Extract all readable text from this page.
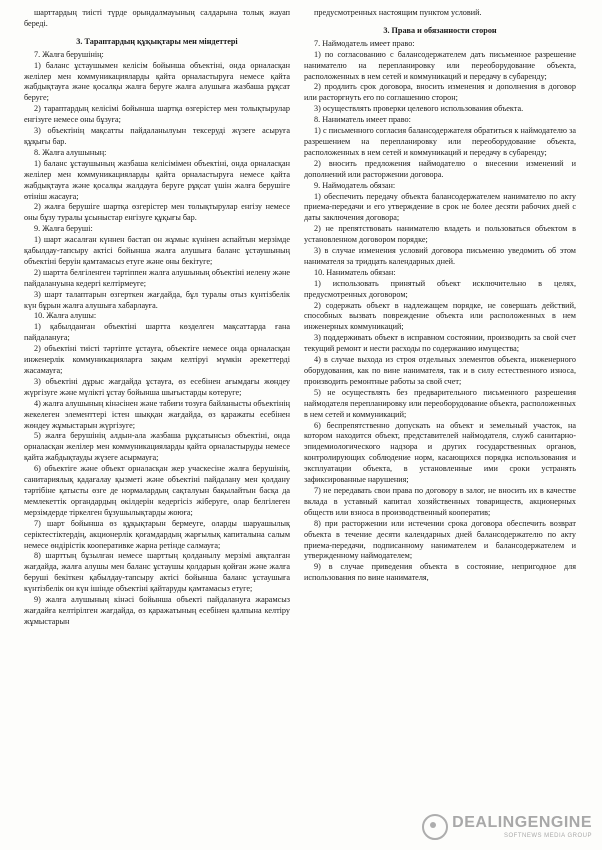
шарттардың тиісті түрде орындалмауының салдарына толық жауап береді.

3. Тараптардың құқықтары мен міндеттері

7. Жалға берушінің:

1) баланс ұстаушымен келісім бойынша объектіні, онда орналасқан желілер мен коммуникацияларды қайта орналастыруға немесе қайта жабдықтауға және қосалқы жалға беруге жалға алушыға жазбаша рұқсат беруге;

2) тараптардың келісімі бойынша шартқа өзгерістер мен толықтырулар енгізуге немесе оны бұзуға;

3) объектінің мақсатты пайдаланылуын тексеруді жүзеге асыруға құқығы бар.

8. Жалға алушының:

1) баланс ұстаушының жазбаша келісімімен объектіні, онда орналасқан желілер мен коммуникацияларды қайта орналастыруға немесе қайта жабдықтауға және қосалқы жалдауға беруге рұқсат үшін жалға берушіге өтініш жасауға;

2) жалға берушіге шартқа өзгерістер мен толықтырулар енгізу немесе оны бұзу туралы ұсыныстар енгізуге құқығы бар.

9. Жалға беруші:

1) шарт жасалған күннен бастап он жұмыс күнінен аспайтын мерзімде қабылдау-тапсыру актісі бойынша жалға алушыға баланс ұстаушының объектіні беруін қамтамасыз етуге және оны бекітуге;

2) шартта белгіленген тәртіппен жалға алушының объектіні иелену және пайдалануына кедергі келтірмеуге;

3) шарт талаптарын өзгерткен жағдайда, бұл туралы отыз күнтізбелік күн бұрын жалға алушыға хабарлауға.

10. Жалға алушы:

1) қабылданған объектіні шартта көзделген мақсаттарда ғана пайдалануға;

2) объектіні тиісті тәртіпте ұстауға, объектіге немесе онда орналасқан инженерлік коммуникацияларға зақым келтіруі мүмкін әрекеттерді жасамауға;

3) объектіні дұрыс жағдайда ұстауға, өз есебінен ағымдағы жөндеу жүргізуге және мүлікті ұстау бойынша шығыстарды көтеруге;

4) жалға алушының кінәсінен және табиғи тозуға байланысты объектінің жекелеген элементтері істен шыққан жағдайда, өз қаражаты есебінен жөндеу жұмыстарын жүргізуге;

5) жалға берушінің алдын-ала жазбаша рұқсатынсыз объектіні, онда орналасқан желілер мен коммуникацияларды қайта орналастыруды немесе қайта жабдықтауды жүзеге асырмауға;

6) объектіге және объект орналасқан жер учаскесіне жалға берушінің, санитариялық қадағалау қызметі және объектіні пайдалану мен қолдану тәртібіне қатысты өзге де нормалардың сақталуын бақылайтын басқа да мемлекеттік органдардың өкілдерін кедергісіз жіберуге, олар белгілеген мерзімдерде тіркелген бұзушылықтарды жоюға;

7) шарт бойынша өз құқықтарын бермеуге, оларды шаруашылық серіктестіктердің, акционерлік қоғамдардың жарғылық капиталына салым немесе өндірістік кооперативке жарна ретінде салмауға;

8) шарттың бұзылған немесе шарттың қолданылу мерзімі аяқталған жағдайда, жалға алушы мен баланс ұстаушы қолдарын қойған және жалға беруші бекіткен қабылдау-тапсыру актісі бойынша баланс ұстаушыға күнтізбелік он күн ішінде объектіні қайтаруды қамтамасыз етуге;

9) жалға алушының кінәсі бойынша объекті пайдалануға жарамсыз жағдайға келтірілген жағдайда, өз қаражатының есебінен қалпына келтіру жұмыстарын

предусмотренных настоящим пунктом условий.

3. Права и обязанности сторон

7. Наймодатель имеет право:

1) по согласованию с балансодержателем дать письменное разрешение нанимателю на перепланировку или переоборудование объекта, расположенных в нем сетей и коммуникаций и передачу в субаренду;

2) продлить срок договора, вносить изменения и дополнения в договор или расторгнуть его по соглашению сторон;

3) осуществлять проверки целевого использования объекта.

8. Наниматель имеет право:

1) с письменного согласия балансодержателя обратиться к наймодателю за разрешением на перепланировку или переоборудование объекта, расположенных в нем сетей и коммуникаций и передачу в субаренду;

2) вносить предложения наймодателю о внесении изменений и дополнений или расторжении договора.

9. Наймодатель обязан:

1) обеспечить передачу объекта балансодержателем нанимателю по акту приема-передачи и его утверждение в срок не более десяти рабочих дней с даты заключения договора;

2) не препятствовать нанимателю владеть и пользоваться объектом в установленном договором порядке;

3) в случае изменения условий договора письменно уведомить об этом нанимателя за тридцать календарных дней.

10. Наниматель обязан:

1) использовать принятый объект исключительно в целях, предусмотренных договором;

2) содержать объект в надлежащем порядке, не совершать действий, способных вызвать повреждение объекта или расположенных в нем инженерных коммуникаций;

3) поддерживать объект в исправном состоянии, производить за свой счет текущий ремонт и нести расходы по содержанию имущества;

4) в случае выхода из строя отдельных элементов объекта, инженерного оборудования, как по вине нанимателя, так и в силу естественного износа, производить ремонтные работы за свой счет;

5) не осуществлять без предварительного письменного разрешения наймодателя перепланировку или переоборудование объекта, расположенных в нем сетей и коммуникаций;

6) беспрепятственно допускать на объект и земельный участок, на котором находится объект, представителей наймодателя, служб санитарно-эпидемиологического надзора и других государственных органов, контролирующих соблюдение норм, касающихся порядка использования и эксплуатации объекта, в установленные ими сроки устранять зафиксированные нарушения;

7) не передавать свои права по договору в залог, не вносить их в качестве вклада в уставный капитал хозяйственных товариществ, акционерных обществ или взноса в производственный кооператив;

8) при расторжении или истечении срока договора обеспечить возврат объекта в течение десяти календарных дней балансодержателю по акту приема-передачи, подписанному нанимателем и балансодержателем и утвержденному наймодателем;

9) в случае приведения объекта в состояние, непригодное для использования по вине нанимателя,

DEALINGENGINE
SOFTNEWS MEDIA GROUP
